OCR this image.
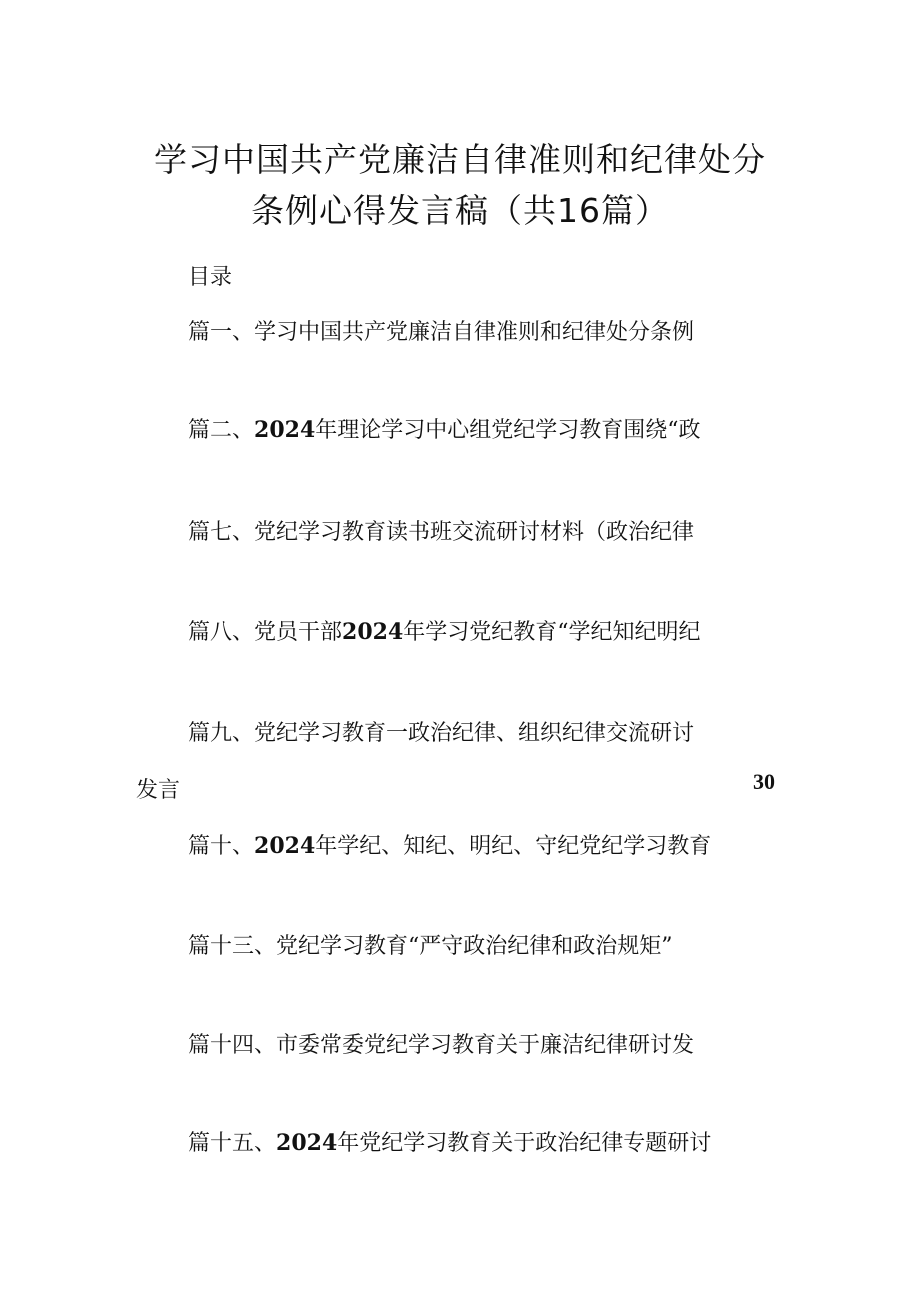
学习中国共产党廉洁自律准则和纪律处分
条例心得发言稿（共16篇）
目录
篇一、学习中国共产党廉洁自律准则和纪律处分条例
篇二、2024年理论学习中心组党纪学习教育围绕“政
篇七、党纪学习教育读书班交流研讨材料（政治纪律
篇八、党员干部2024年学习党纪教育“学纪知纪明纪
篇九、党纪学习教育一政治纪律、组织纪律交流研讨
发言	30
篇十、2024年学纪、知纪、明纪、守纪党纪学习教育
篇十三、党纪学习教育“严守政治纪律和政治规矩”
篇十四、市委常委党纪学习教育关于廉洁纪律研讨发
篇十五、2024年党纪学习教育关于政治纪律专题研讨
